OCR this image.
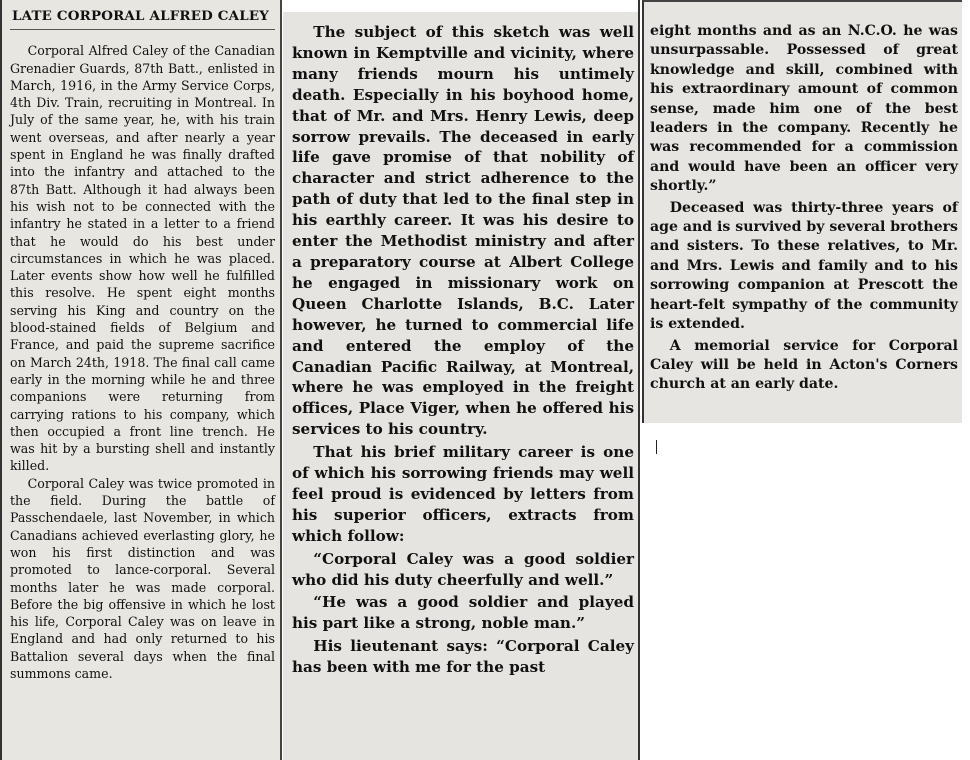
LATE CORPORAL ALFRED CALEY

Corporal Alfred Caley of the Canadian Grenadier Guards, 87th Batt., enlisted in March, 1916, in the Army Service Corps, 4th Div. Train, recruiting in Montreal. In July of the same year, he, with his train went overseas, and after nearly a year spent in England he was finally drafted into the infantry and attached to the 87th Batt. Although it had always been his wish not to be connected with the infantry he stated in a letter to a friend that he would do his best under circumstances in which he was placed. Later events show how well he fulfilled this resolve. He spent eight months serving his King and country on the blood-stained fields of Belgium and France, and paid the supreme sacrifice on March 24th, 1918. The final call came early in the morning while he and three companions were returning from carrying rations to his company, which then occupied a front line trench. He was hit by a bursting shell and instantly killed.

Corporal Caley was twice promoted in the field. During the battle of Passchendaele, last November, in which Canadians achieved everlasting glory, he won his first distinction and was promoted to lance-corporal. Several months later he was made corporal. Before the big offensive in which he lost his life, Corporal Caley was on leave in England and had only returned to his Battalion several days when the final summons came.

The subject of this sketch was well known in Kemptville and vicinity, where many friends mourn his untimely death. Especially in his boyhood home, that of Mr. and Mrs. Henry Lewis, deep sorrow prevails. The deceased in early life gave promise of that nobility of character and strict adherence to the path of duty that led to the final step in his earthly career. It was his desire to enter the Methodist ministry and after a preparatory course at Albert College he engaged in missionary work on Queen Charlotte Islands, B.C. Later however, he turned to commercial life and entered the employ of the Canadian Pacific Railway, at Montreal, where he was employed in the freight offices, Place Viger, when he offered his services to his country.

That his brief military career is one of which his sorrowing friends may well feel proud is evidenced by letters from his superior officers, extracts from which follow:

“Corporal Caley was a good soldier who did his duty cheerfully and well.”

“He was a good soldier and played his part like a strong, noble man.”

His lieutenant says: “Corporal Caley has been with me for the past

eight months and as an N.C.O. he was unsurpassable. Possessed of great knowledge and skill, combined with his extraordinary amount of common sense, made him one of the best leaders in the company. Recently he was recommended for a commission and would have been an officer very shortly.”

Deceased was thirty-three years of age and is survived by several brothers and sisters. To these relatives, to Mr. and Mrs. Lewis and family and to his sorrowing companion at Prescott the heart-felt sympathy of the community is extended.

A memorial service for Corporal Caley will be held in Acton's Corners church at an early date.
